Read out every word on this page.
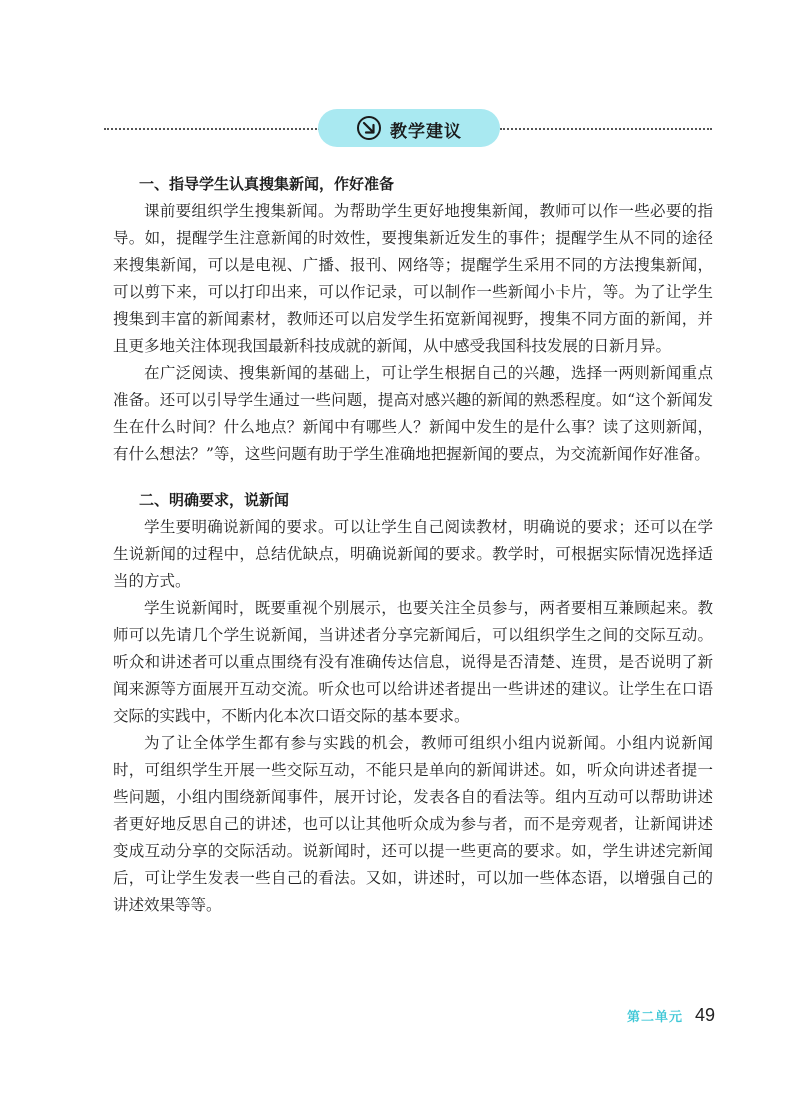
教学建议
一、指导学生认真搜集新闻，作好准备

课前要组织学生搜集新闻。为帮助学生更好地搜集新闻，教师可以作一些必要的指导。如，提醒学生注意新闻的时效性，要搜集新近发生的事件；提醒学生从不同的途径来搜集新闻，可以是电视、广播、报刊、网络等；提醒学生采用不同的方法搜集新闻，可以剪下来，可以打印出来，可以作记录，可以制作一些新闻小卡片，等。为了让学生搜集到丰富的新闻素材，教师还可以启发学生拓宽新闻视野，搜集不同方面的新闻，并且更多地关注体现我国最新科技成就的新闻，从中感受我国科技发展的日新月异。

在广泛阅读、搜集新闻的基础上，可让学生根据自己的兴趣，选择一两则新闻重点准备。还可以引导学生通过一些问题，提高对感兴趣的新闻的熟悉程度。如“这个新闻发生在什么时间？什么地点？新闻中有哪些人？新闻中发生的是什么事？读了这则新闻，有什么想法？”等，这些问题有助于学生准确地把握新闻的要点，为交流新闻作好准备。

二、明确要求，说新闻

学生要明确说新闻的要求。可以让学生自己阅读教材，明确说的要求；还可以在学生说新闻的过程中，总结优缺点，明确说新闻的要求。教学时，可根据实际情况选择适当的方式。

学生说新闻时，既要重视个别展示，也要关注全员参与，两者要相互兼顾起来。教师可以先请几个学生说新闻，当讲述者分享完新闻后，可以组织学生之间的交际互动。听众和讲述者可以重点围绕有没有准确传达信息，说得是否清楚、连贯，是否说明了新闻来源等方面展开互动交流。听众也可以给讲述者提出一些讲述的建议。让学生在口语交际的实践中，不断内化本次口语交际的基本要求。

为了让全体学生都有参与实践的机会，教师可组织小组内说新闻。小组内说新闻时，可组织学生开展一些交际互动，不能只是单向的新闻讲述。如，听众向讲述者提一些问题，小组内围绕新闻事件，展开讨论，发表各自的看法等。组内互动可以帮助讲述者更好地反思自己的讲述，也可以让其他听众成为参与者，而不是旁观者，让新闻讲述变成互动分享的交际活动。说新闻时，还可以提一些更高的要求。如，学生讲述完新闻后，可让学生发表一些自己的看法。又如，讲述时，可以加一些体态语，以增强自己的讲述效果等等。

第二单元 49
